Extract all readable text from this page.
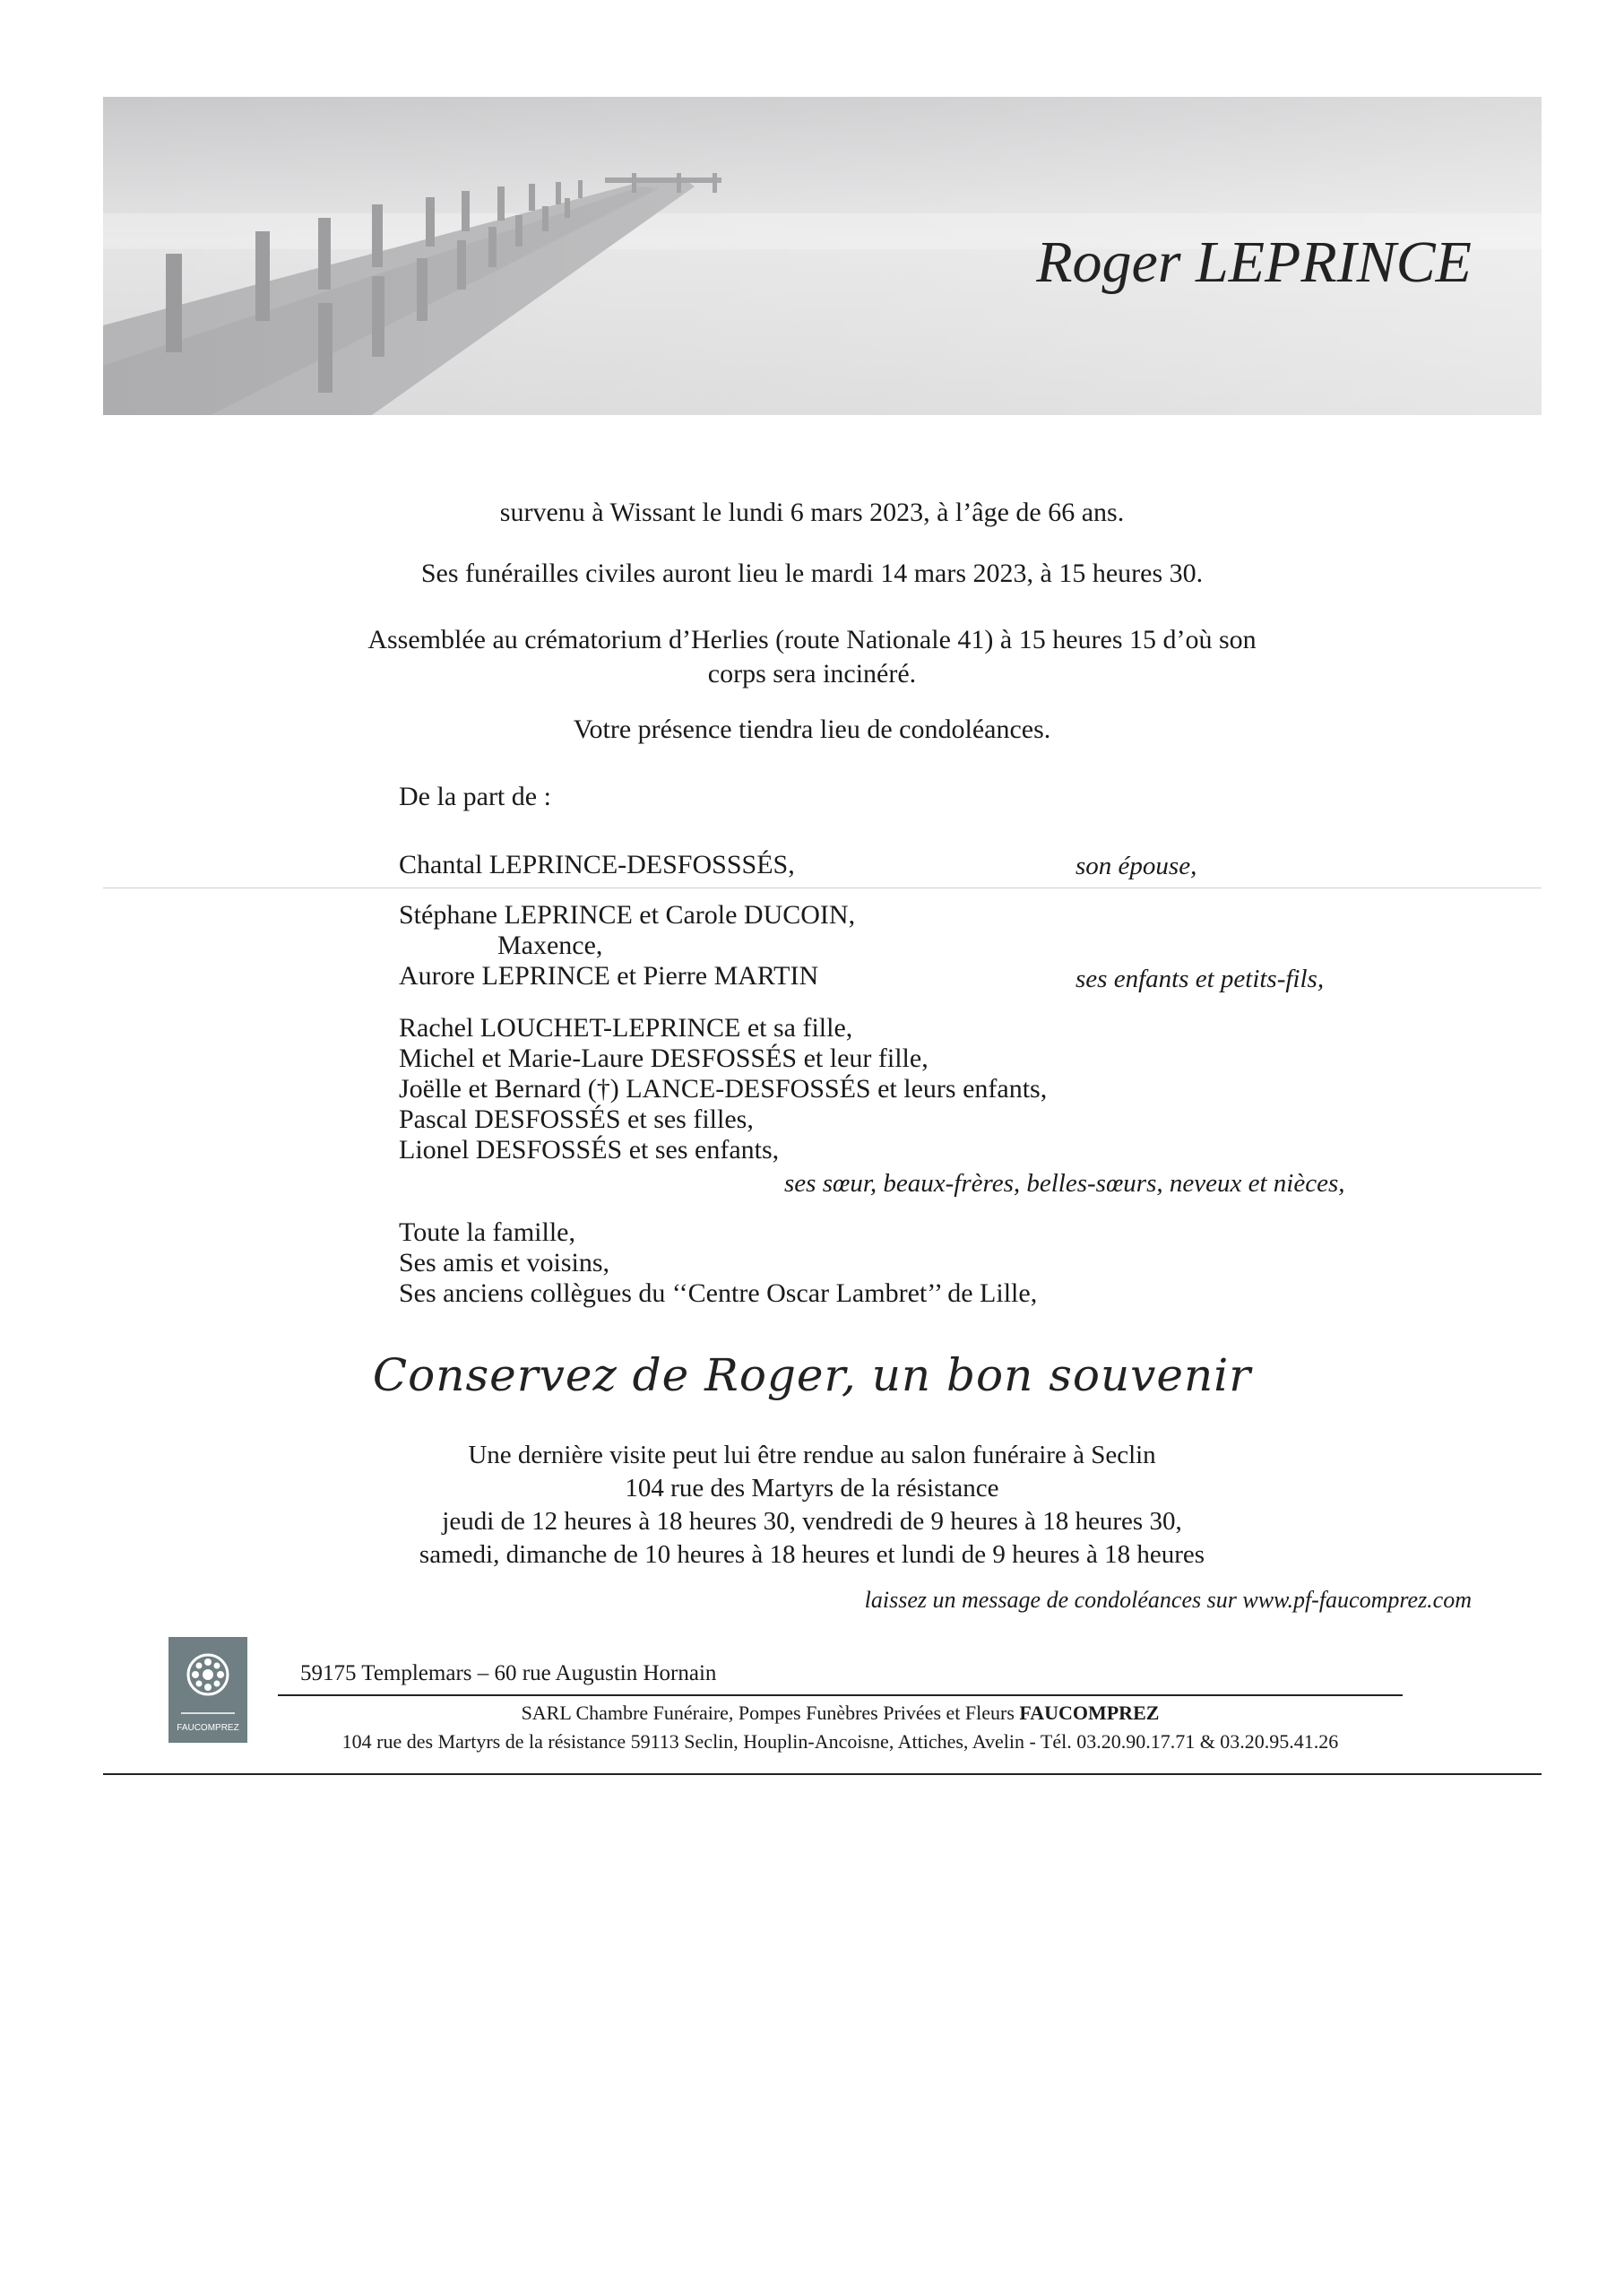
Roger LEPRINCE

survenu à Wissant le lundi 6 mars 2023, à l’âge de 66 ans.

Ses funérailles civiles auront lieu le mardi 14 mars 2023, à 15 heures 30.

Assemblée au crématorium d’Herlies (route Nationale 41) à 15 heures 15 d’où son

corps sera incinéré.

Votre présence tiendra lieu de condoléances.

De la part de :

Chantal LEPRINCE-DESFOSSSÉS,	son épouse,

Stéphane LEPRINCE et Carole DUCOIN,
Maxence,
Aurore LEPRINCE et Pierre MARTIN	ses enfants et petits-fils,

Rachel LOUCHET-LEPRINCE et sa fille,
Michel et Marie-Laure DESFOSSÉS et leur fille,
Joëlle et Bernard (†) LANCE-DESFOSSÉS et leurs enfants,
Pascal DESFOSSÉS et ses filles,
Lionel DESFOSSÉS et ses enfants,

ses sœur, beaux-frères, belles-sœurs, neveux et nièces,

Toute la famille,
Ses amis et voisins,
Ses anciens collègues du ‘‘Centre Oscar Lambret’’ de Lille,

Conservez de Roger, un bon souvenir

Une dernière visite peut lui être rendue au salon funéraire à Seclin
104 rue des Martyrs de la résistance
jeudi de 12 heures à 18 heures 30, vendredi de 9 heures à 18 heures 30,
samedi, dimanche de 10 heures à 18 heures et lundi de 9 heures à 18 heures

laissez un message de condoléances sur www.pf-faucomprez.com

FAUCOMPREZ

59175 Templemars – 60 rue Augustin Hornain

SARL Chambre Funéraire, Pompes Funèbres Privées et Fleurs FAUCOMPREZ

104 rue des Martyrs de la résistance 59113 Seclin, Houplin-Ancoisne, Attiches, Avelin - Tél. 03.20.90.17.71 & 03.20.95.41.26
